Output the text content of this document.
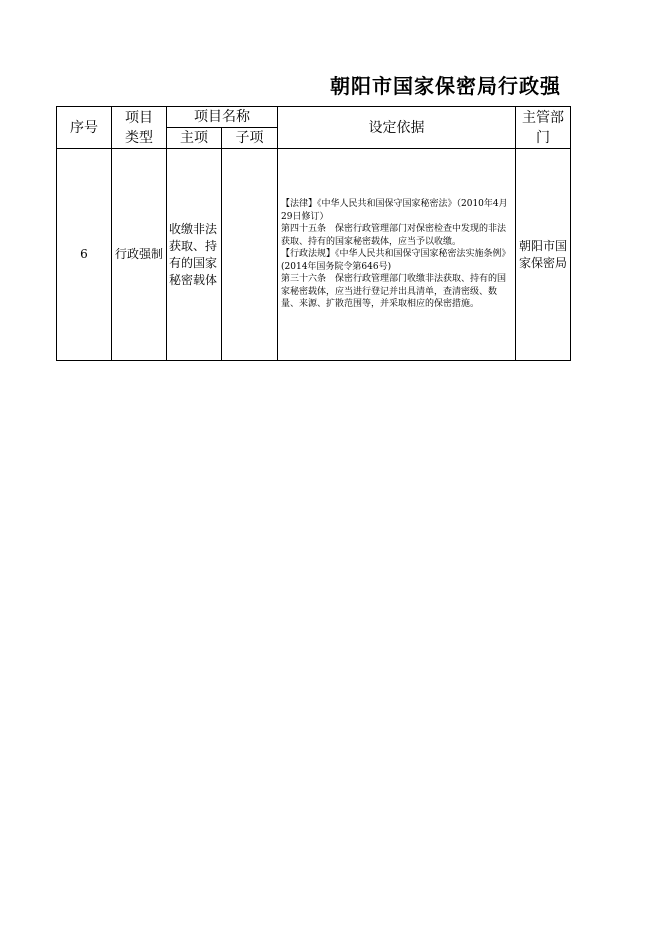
朝阳市国家保密局行政强
序号	项目类型	项目名称		设定依据	主管部门

		主项	子项		
6	行政强制	收缴非法获取、持有的国家秘密载体		【法律】《中华人民共和国保守国家秘密法》（2010年4月29日修订）
第四十五条　保密行政管理部门对保密检查中发现的非法获取、持有的国家秘密载体，应当予以收缴。
【行政法规】《中华人民共和国保守国家秘密法实施条例》(2014年国务院令第646号)
第三十六条　保密行政管理部门收缴非法获取、持有的国家秘密载体，应当进行登记并出具清单，查清密级、数量、来源、扩散范围等，并采取相应的保密措施。	朝阳市国家保密局
